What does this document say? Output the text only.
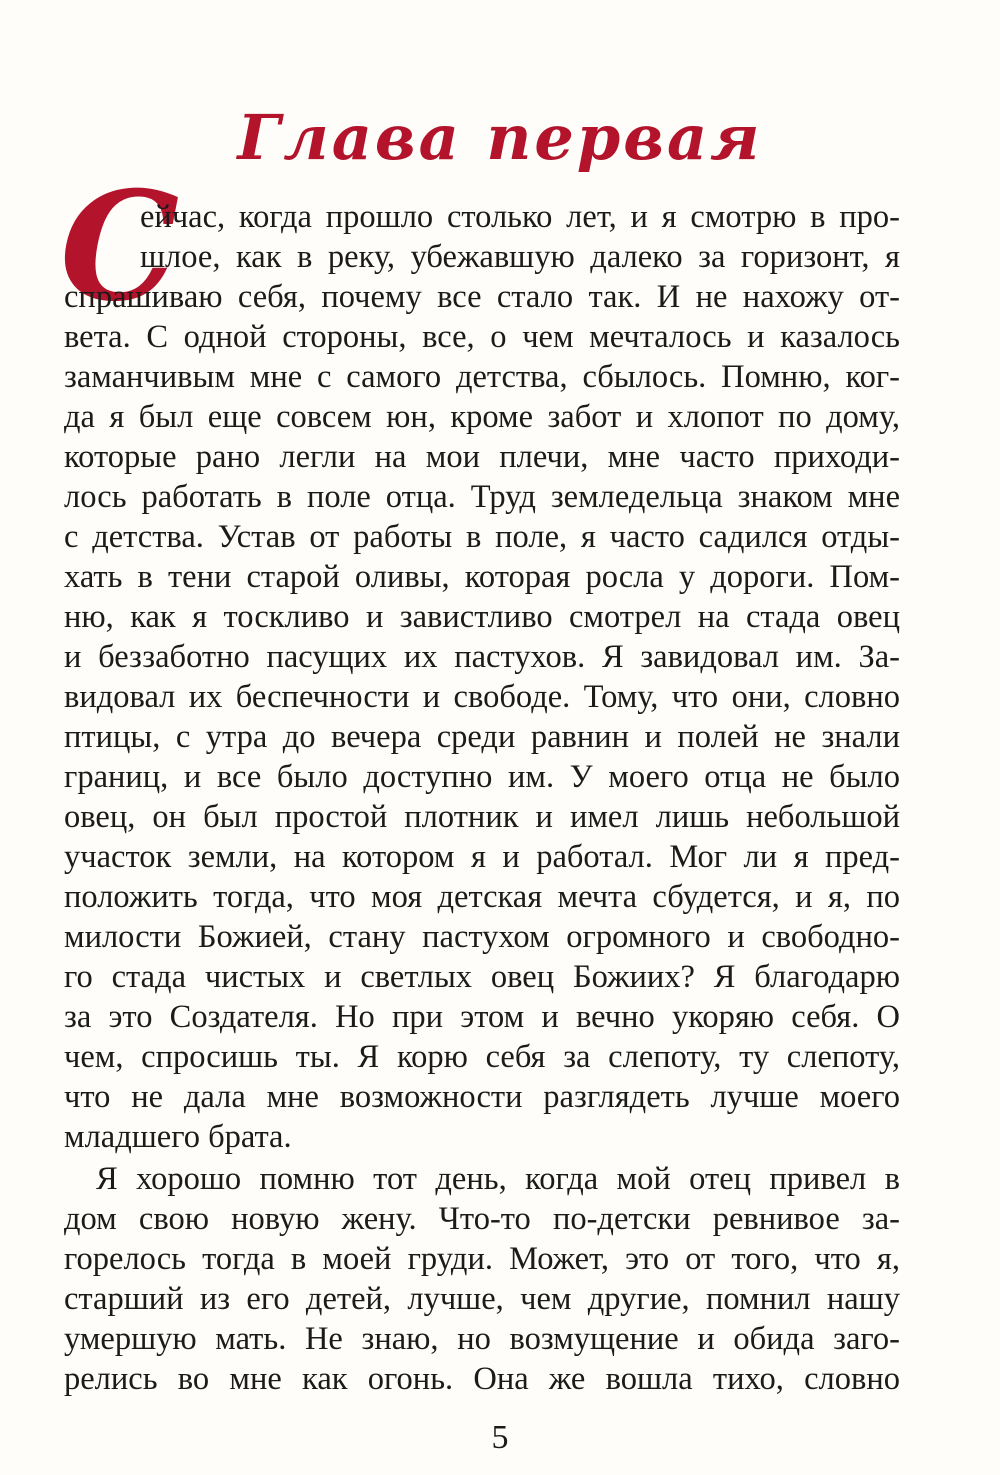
Глава первая
С
ейчас, когда прошло столько лет, и я смотрю в про-
шлое, как в реку, убежавшую далеко за горизонт, я
спрашиваю себя, почему все стало так. И не нахожу от-
вета. С одной стороны, все, о чем мечталось и казалось
заманчивым мне с самого детства, сбылось. Помню, ког-
да я был еще совсем юн, кроме забот и хлопот по дому,
которые рано легли на мои плечи, мне часто приходи-
лось работать в поле отца. Труд земледельца знаком мне
с детства. Устав от работы в поле, я часто садился отды-
хать в тени старой оливы, которая росла у дороги. Пом-
ню, как я тоскливо и завистливо смотрел на стада овец
и беззаботно пасущих их пастухов. Я завидовал им. За-
видовал их беспечности и свободе. Тому, что они, словно
птицы, с утра до вечера среди равнин и полей не знали
границ, и все было доступно им. У моего отца не было
овец, он был простой плотник и имел лишь небольшой
участок земли, на котором я и работал. Мог ли я пред-
положить тогда, что моя детская мечта сбудется, и я, по
милости Божией, стану пастухом огромного и свободно-
го стада чистых и светлых овец Божиих? Я благодарю
за это Создателя. Но при этом и вечно укоряю себя. О
чем, спросишь ты. Я корю себя за слепоту, ту слепоту,
что не дала мне возможности разглядеть лучше моего
младшего брата.
Я хорошо помню тот день, когда мой отец привел в
дом свою новую жену. Что-то по-детски ревнивое за-
горелось тогда в моей груди. Может, это от того, что я,
старший из его детей, лучше, чем другие, помнил нашу
умершую мать. Не знаю, но возмущение и обида заго-
релись во мне как огонь. Она же вошла тихо, словно
5
